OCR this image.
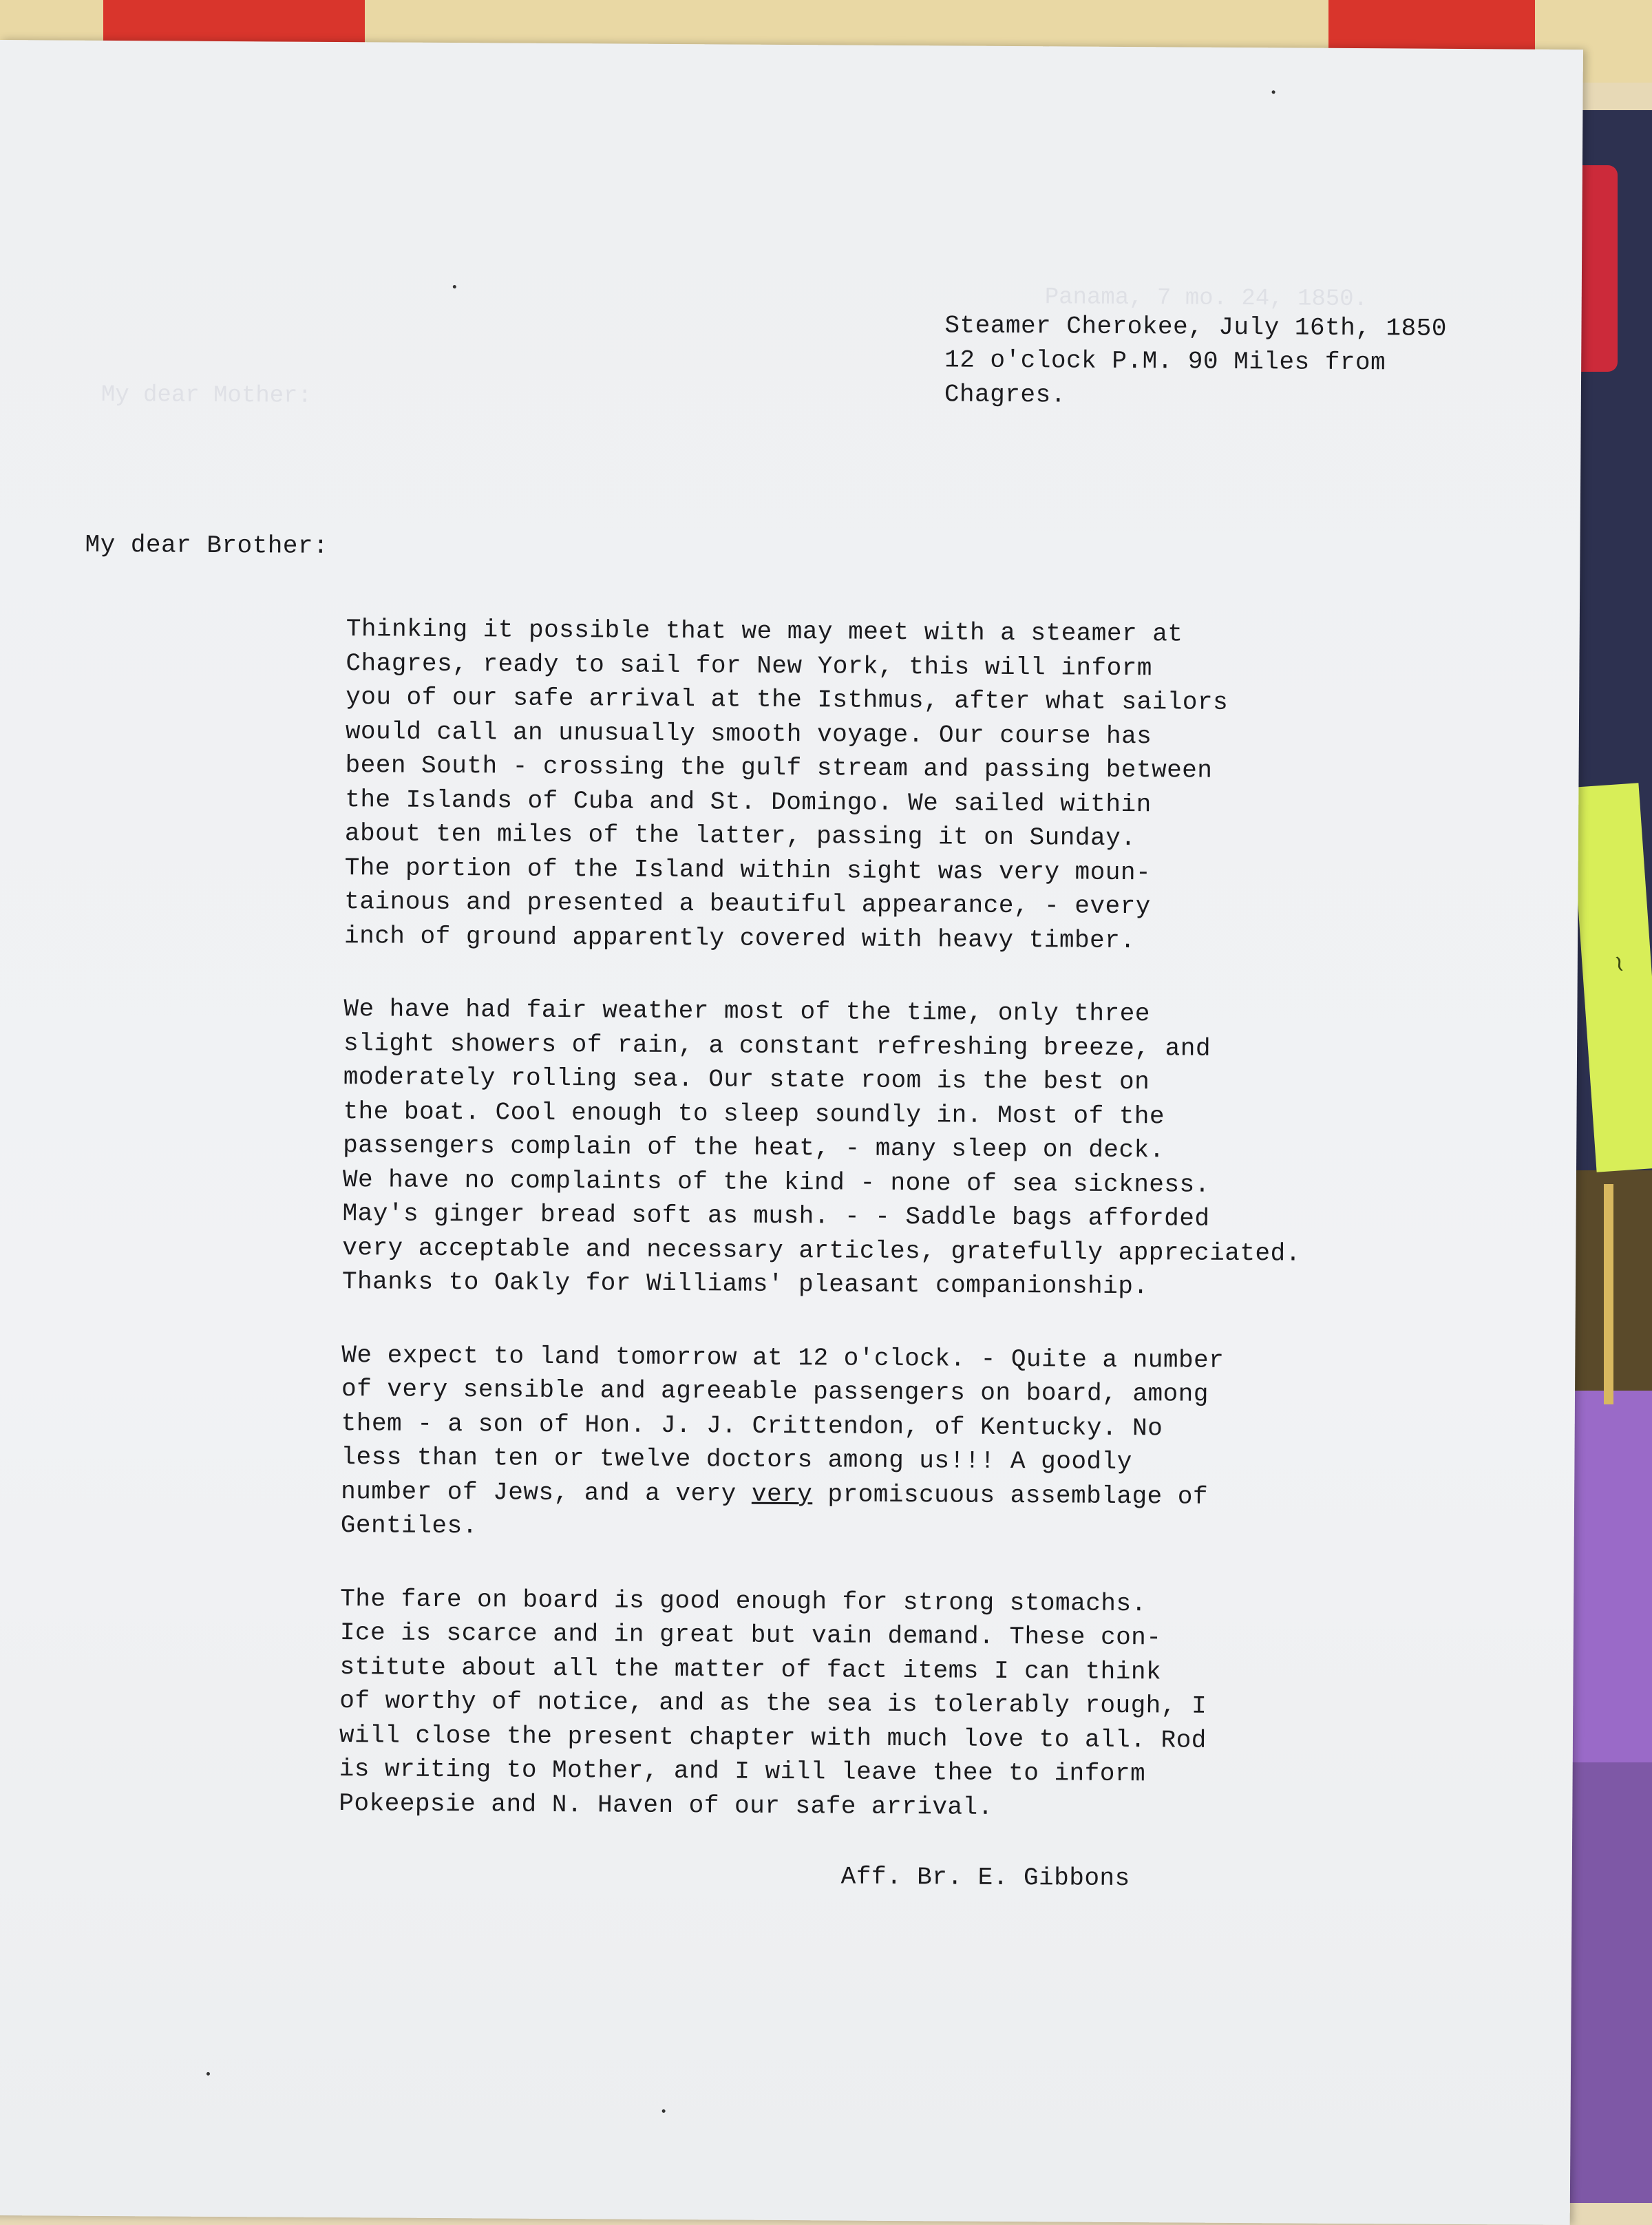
~

Panama, 7 mo. 24, 1850.

My dear Mother:

Steamer Cherokee, July 16th, 1850
12 o'clock P.M. 90 Miles from
Chagres.
My dear Brother:

Thinking it possible that we may meet with a steamer at
Chagres, ready to sail for New York, this will inform
you of our safe arrival at the Isthmus, after what sailors
would call an unusually smooth voyage. Our course has
been South - crossing the gulf stream and passing between
the Islands of Cuba and St. Domingo. We sailed within
about ten miles of the latter, passing it on Sunday.
The portion of the Island within sight was very moun-
tainous and presented a beautiful appearance, - every
inch of ground apparently covered with heavy timber.

We have had fair weather most of the time, only three
slight showers of rain, a constant refreshing breeze, and
moderately rolling sea. Our state room is the best on
the boat. Cool enough to sleep soundly in. Most of the
passengers complain of the heat, - many sleep on deck.
We have no complaints of the kind - none of sea sickness.
May's ginger bread soft as mush. - - Saddle bags afforded
very acceptable and necessary articles, gratefully appreciated.
Thanks to Oakly for Williams' pleasant companionship.

We expect to land tomorrow at 12 o'clock. - Quite a number
of very sensible and agreeable passengers on board, among
them - a son of Hon. J. J. Crittendon, of Kentucky. No
less than ten or twelve doctors among us!!! A goodly
number of Jews, and a very very promiscuous assemblage of
Gentiles.

The fare on board is good enough for strong stomachs.
Ice is scarce and in great but vain demand. These con-
stitute about all the matter of fact items I can think
of worthy of notice, and as the sea is tolerably rough, I
will close the present chapter with much love to all. Rod
is writing to Mother, and I will leave thee to inform
Pokeepsie and N. Haven of our safe arrival.

Aff. Br. E. Gibbons
